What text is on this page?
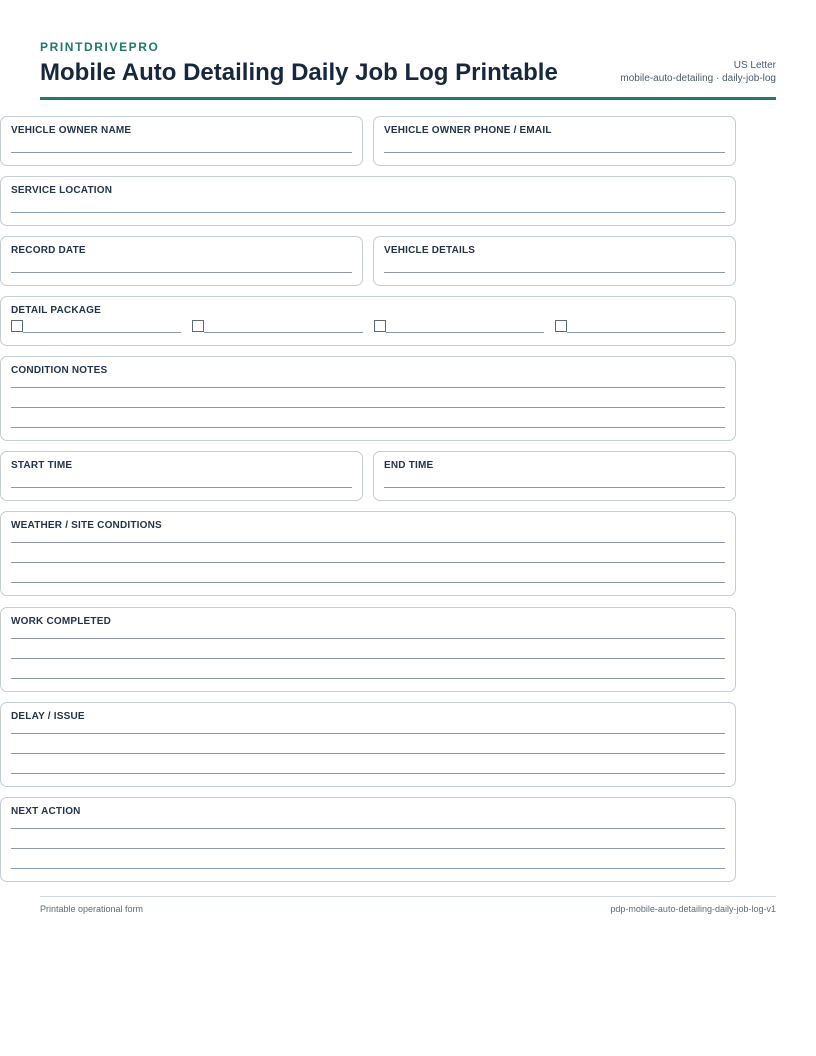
PRINTDRIVEPRO
Mobile Auto Detailing Daily Job Log Printable	US Letter
mobile-auto-detailing · daily-job-log
VEHICLE OWNER NAME	VEHICLE OWNER PHONE / EMAIL
SERVICE LOCATION
RECORD DATE	VEHICLE DETAILS
DETAIL PACKAGE
CONDITION NOTES
START TIME	END TIME
WEATHER / SITE CONDITIONS
WORK COMPLETED
DELAY / ISSUE
NEXT ACTION
Printable operational form	pdp-mobile-auto-detailing-daily-job-log-v1
